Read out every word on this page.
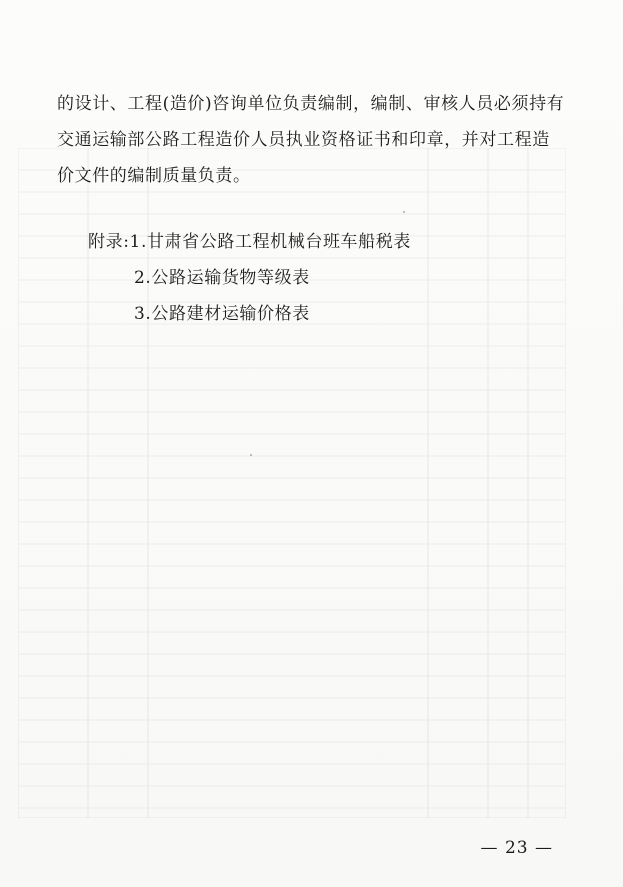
的设计、工程(造价)咨询单位负责编制，编制、审核人员必须持有
交通运输部公路工程造价人员执业资格证书和印章，并对工程造
价文件的编制质量负责。
附录:1.甘肃省公路工程机械台班车船税表
2.公路运输货物等级表
3.公路建材运输价格表
— 23 —
